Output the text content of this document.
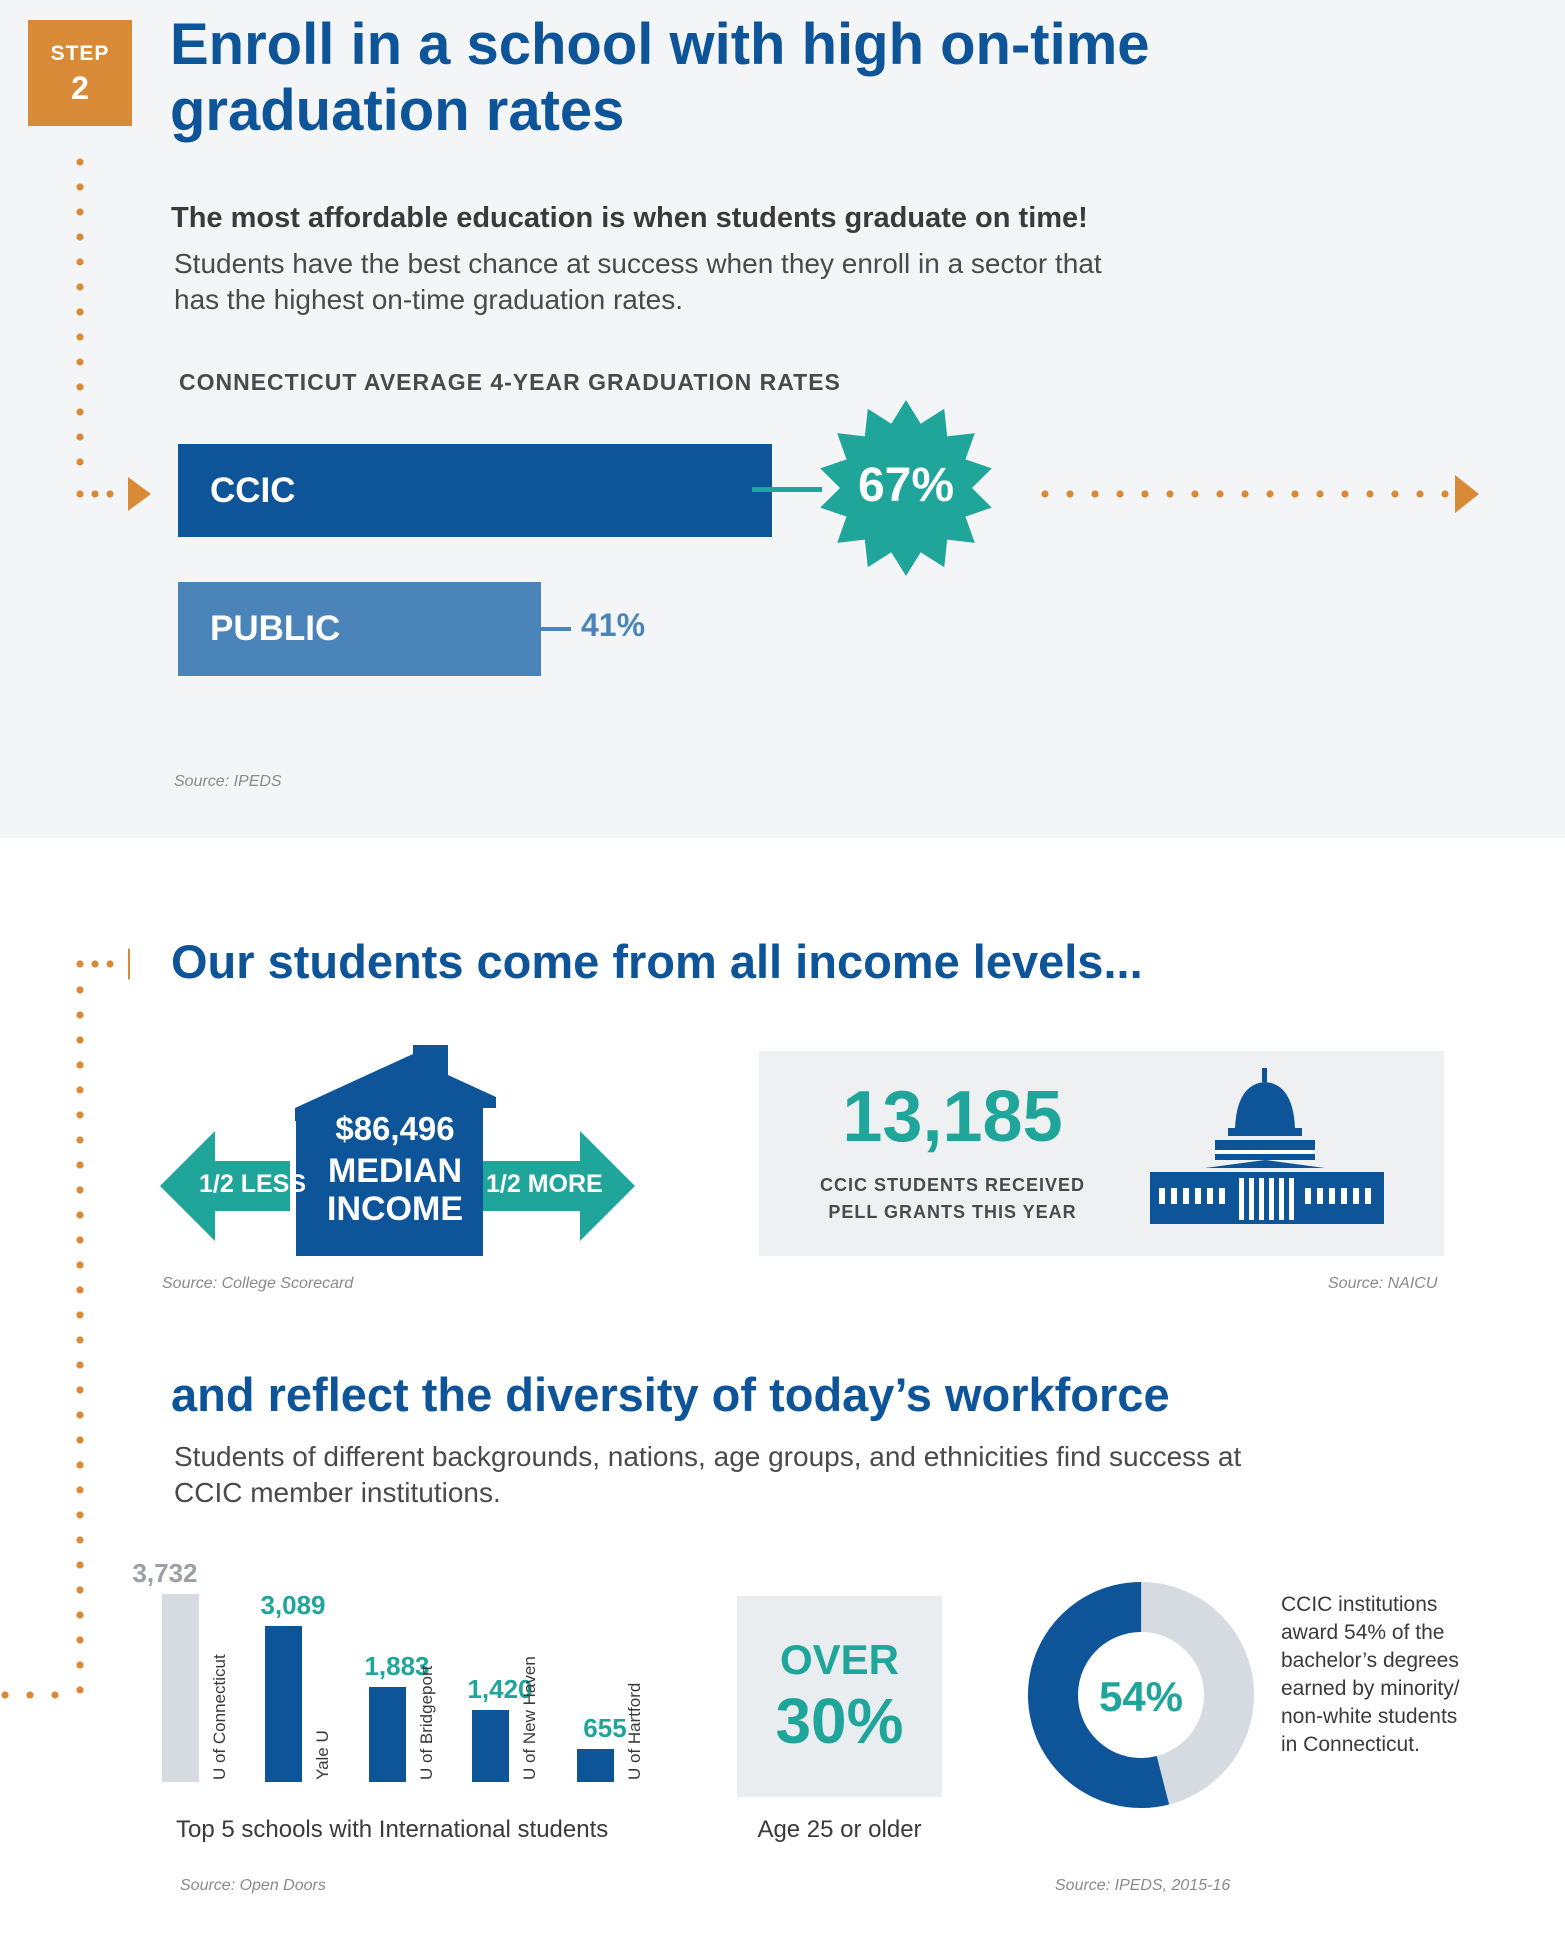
STEP
2
Enroll in a school with high on-time
graduation rates
The most affordable education is when students graduate on time!
Students have the best chance at success when they enroll in a sector that
has the highest on-time graduation rates.
CONNECTICUT AVERAGE 4-YEAR GRADUATION RATES
CCIC
PUBLIC
67%
41%
Source: IPEDS
Our students come from all income levels...
$86,496
MEDIAN
INCOME
1/2 LESS	1/2 MORE
Source: College Scorecard
13,185
CCIC STUDENTS RECEIVED
PELL GRANTS THIS YEAR
Source: NAICU
and reflect the diversity of today’s workforce
Students of different backgrounds, nations, age groups, and ethnicities find success at
CCIC member institutions.
3,732
U of Connecticut
3,089
Yale U
1,883
U of Bridgeport	1,420
U of New Haven	655
U of Hartford
Top 5 schools with International students
Source: Open Doors
OVER
30%
Age 25 or older
54%
CCIC institutions
award 54% of the
bachelor’s degrees
earned by minority/
non-white students
in Connecticut.
Source: IPEDS, 2015-16
